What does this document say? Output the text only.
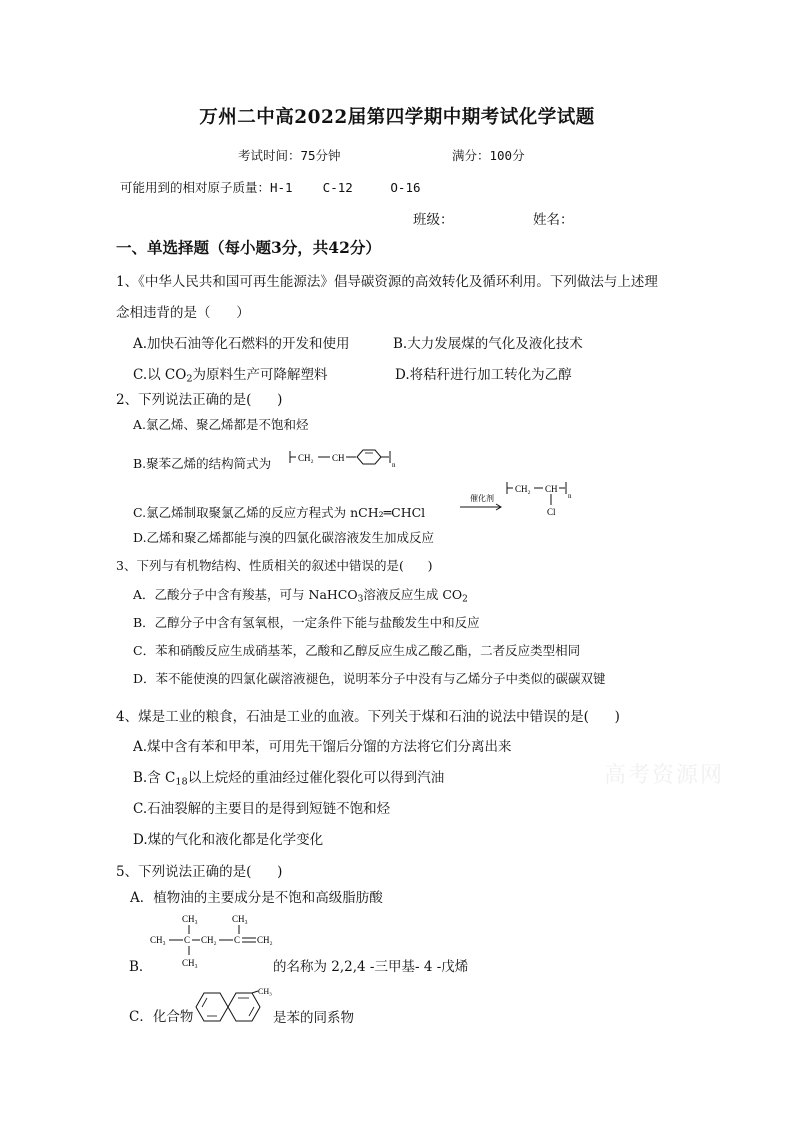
万州二中高2022届第四学期中期考试化学试题
考试时间：75分钟	满分：100分
可能用到的相对原子质量：H-1    C-12     O-16
班级：	姓名：
一、单选择题（每小题3分，共42分）
1、《中华人民共和国可再生能源法》倡导碳资源的高效转化及循环利用。下列做法与上述理
念相违背的是（      ）
A.加快石油等化石燃料的开发和使用	B.大力发展煤的气化及液化技术
C.以 $CO_2$为原料生产可降解塑料	D.将秸秆进行加工转化为乙醇
2、下列说法正确的是(      )
A.氯乙烯、聚乙烯都是不饱和烃
B.聚苯乙烯的结构简式为	CH₂ CH
n
C.氯乙烯制取聚氯乙烯的反应方程式为 nCH₂═CHCl
催化剂
CH₂ CH
n
Cl
D.乙烯和聚乙烯都能与溴的四氯化碳溶液发生加成反应
3、下列与有机物结构、性质相关的叙述中错误的是(      )
A．乙酸分子中含有羧基，可与 NaHCO$_3$溶液反应生成 $CO_2$
B．乙醇分子中含有氢氧根，一定条件下能与盐酸发生中和反应
C．苯和硝酸反应生成硝基苯，乙酸和乙醇反应生成乙酸乙酯，二者反应类型相同
D．苯不能使溴的四氯化碳溶液褪色，说明苯分子中没有与乙烯分子中类似的碳碳双键
4、煤是工业的粮食，石油是工业的血液。下列关于煤和石油的说法中错误的是(      )
A.煤中含有苯和甲苯，可用先干馏后分馏的方法将它们分离出来
B.含 $C_{18}$以上烷烃的重油经过催化裂化可以得到汽油
C.石油裂解的主要目的是得到短链不饱和烃
D.煤的气化和液化都是化学变化
高考资源网
5、下列说法正确的是(      )
A．植物油的主要成分是不饱和高级脂肪酸
CH₃	CH₃
CH₃ C CH₂ C CH₂
CH₃
B．	的名称为 2,2,4 -三甲基- 4 -戊烯
C．化合物
CH₃
是苯的同系物
